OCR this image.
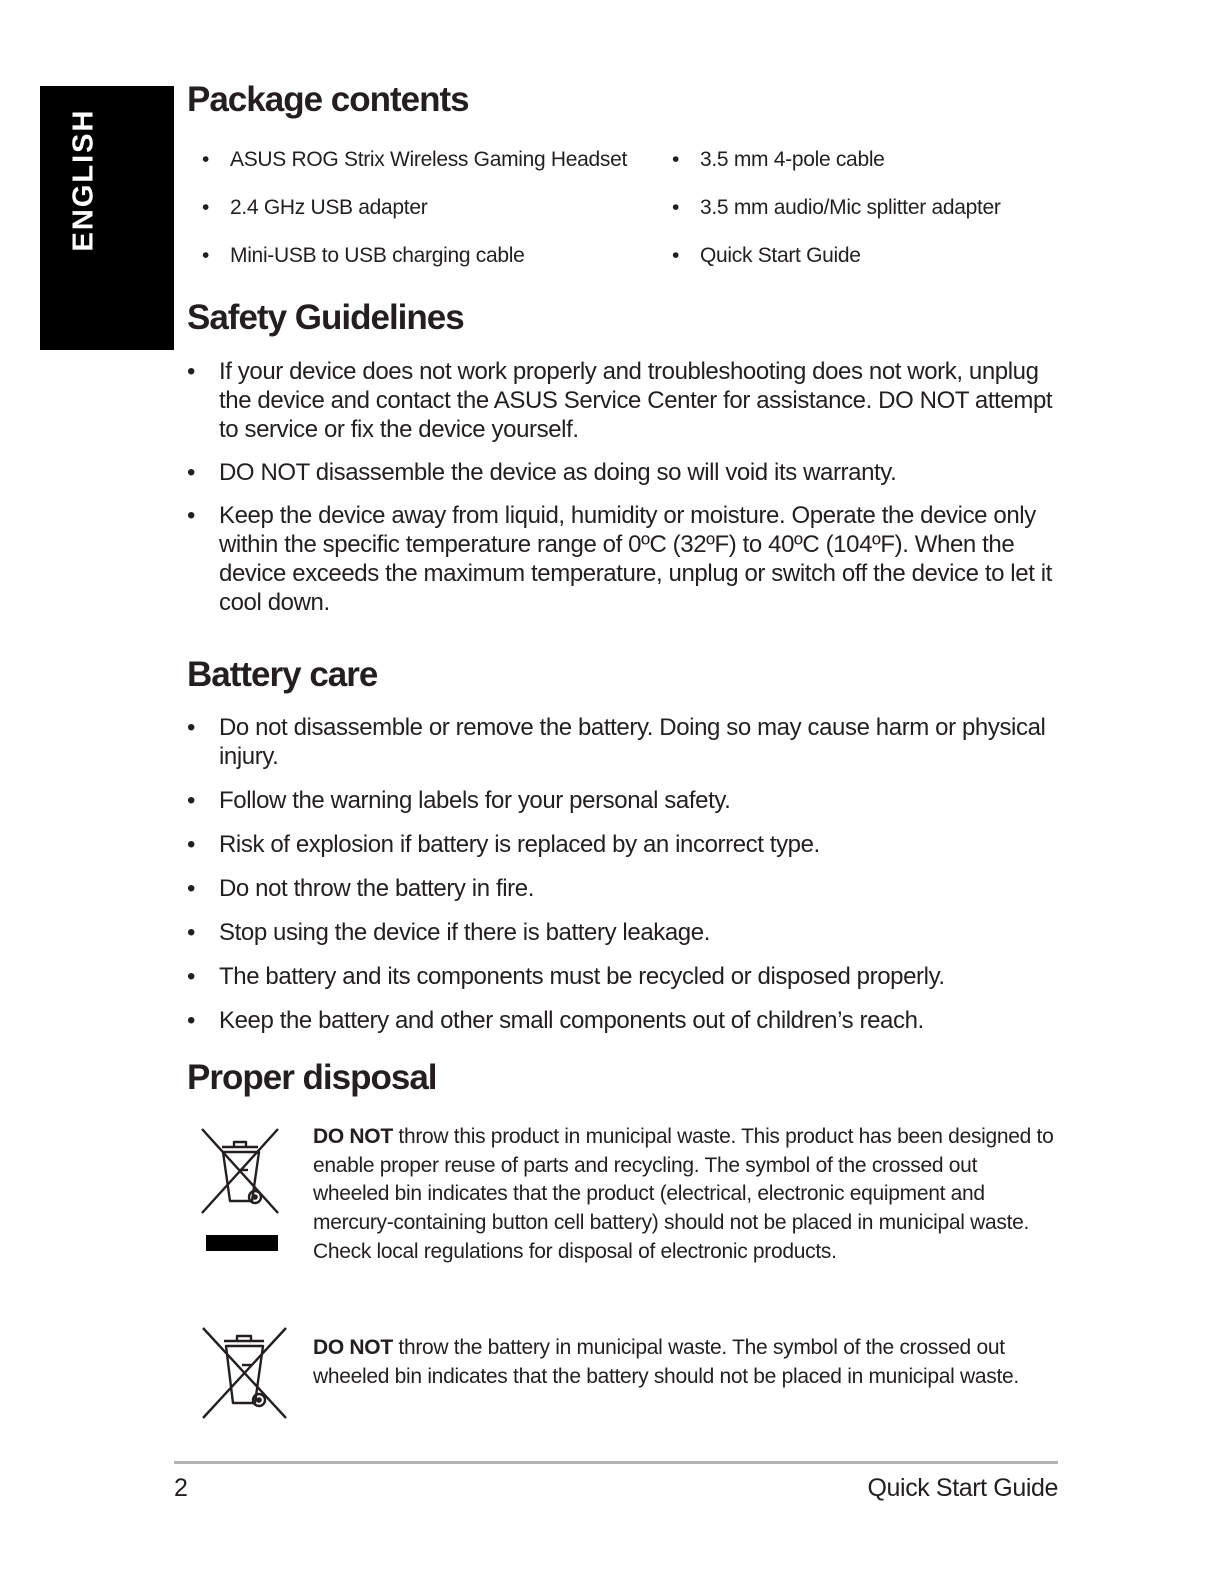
ENGLISH
Package contents
• ASUS ROG Strix Wireless Gaming Headset
• 2.4 GHz USB adapter
• Mini-USB to USB charging cable
• 3.5 mm 4-pole cable
• 3.5 mm audio/Mic splitter adapter
• Quick Start Guide
Safety Guidelines
• If your device does not work properly and troubleshooting does not work, unplug the device and contact the ASUS Service Center for assistance. DO NOT attempt to service or fix the device yourself.
• DO NOT disassemble the device as doing so will void its warranty.
• Keep the device away from liquid, humidity or moisture. Operate the device only within the specific temperature range of 0ºC (32ºF) to 40ºC (104ºF). When the device exceeds the maximum temperature, unplug or switch off the device to let it cool down.
Battery care
• Do not disassemble or remove the battery. Doing so may cause harm or physical injury.
• Follow the warning labels for your personal safety.
• Risk of explosion if battery is replaced by an incorrect type.
• Do not throw the battery in fire.
• Stop using the device if there is battery leakage.
• The battery and its components must be recycled or disposed properly.
• Keep the battery and other small components out of children’s reach.
Proper disposal
DO NOT throw this product in municipal waste. This product has been designed to enable proper reuse of parts and recycling. The symbol of the crossed out wheeled bin indicates that the product (electrical, electronic equipment and mercury-containing button cell battery) should not be placed in municipal waste. Check local regulations for disposal of electronic products.
DO NOT throw the battery in municipal waste. The symbol of the crossed out wheeled bin indicates that the battery should not be placed in municipal waste.
2	Quick Start Guide
